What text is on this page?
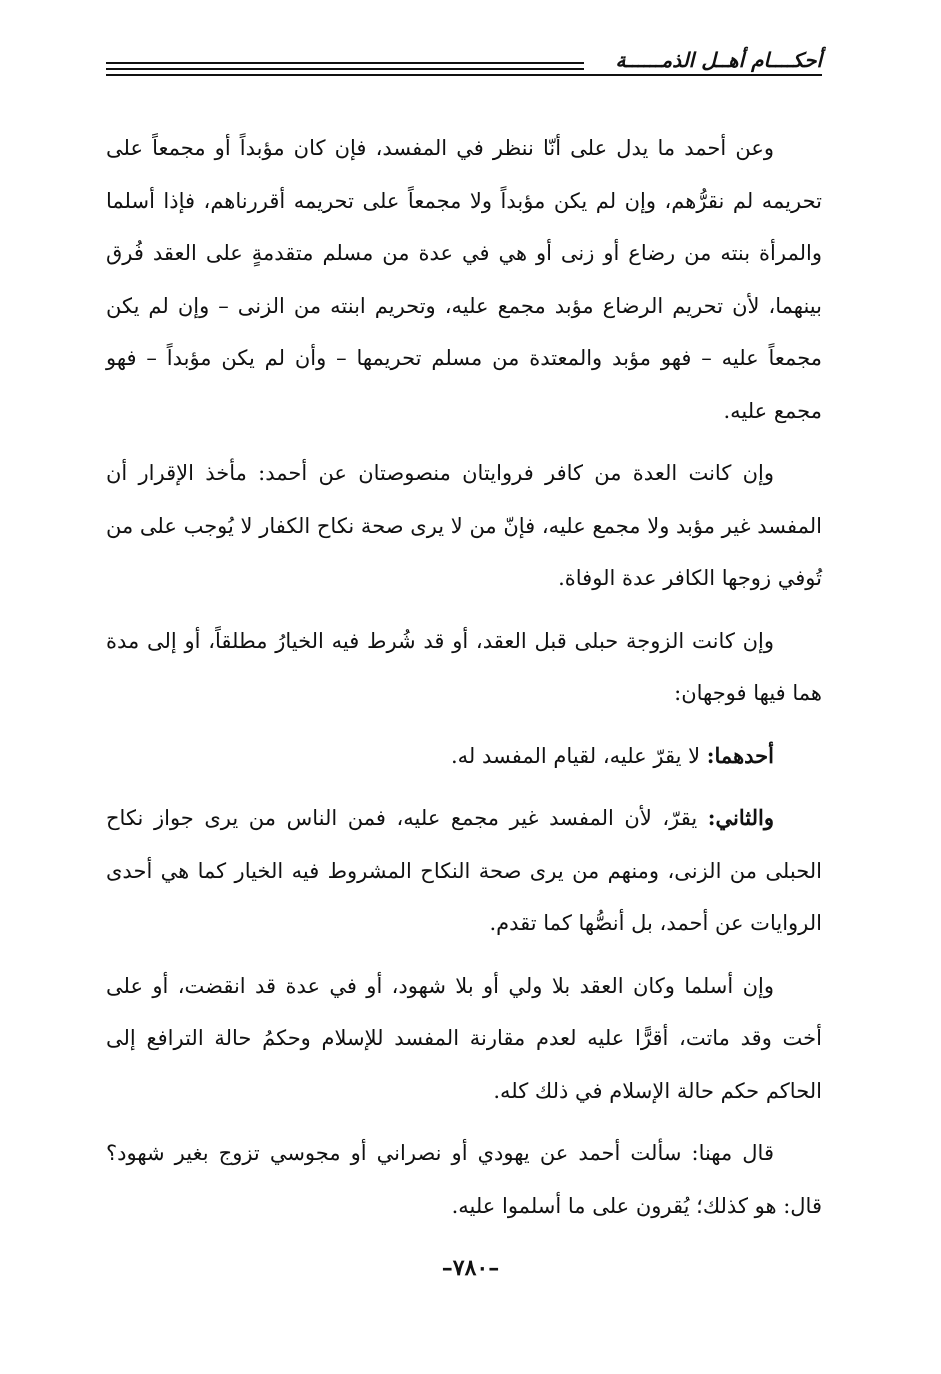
أحكــــام أهــل الذمــــــة

وعن أحمد ما يدل على أنّا ننظر في المفسد، فإن كان مؤبداً أو مجمعاً على تحريمه لم نقرُّهم، وإن لم يكن مؤبداً ولا مجمعاً على تحريمه أقررناهم، فإذا أسلما والمرأة بنته من رضاع أو زنى أو هي في عدة من مسلم متقدمةٍ على العقد فُرق بينهما، لأن تحريم الرضاع مؤبد مجمع عليه، وتحريم ابنته من الزنى – وإن لم يكن مجمعاً عليه – فهو مؤبد والمعتدة من مسلم تحريمها – وأن لم يكن مؤبداً – فهو مجمع عليه.

وإن كانت العدة من كافر فروايتان منصوصتان عن أحمد: مأخذ الإقرار أن المفسد غير مؤبد ولا مجمع عليه، فإنّ من لا يرى صحة نكاح الكفار لا يُوجب على من تُوفي زوجها الكافر عدة الوفاة.

وإن كانت الزوجة حبلى قبل العقد، أو قد شُرط فيه الخيارُ مطلقاً، أو إلى مدة هما فيها فوجهان:

أحدهما: لا يقرّ عليه، لقيام المفسد له.

والثاني: يقرّ، لأن المفسد غير مجمع عليه، فمن الناس من يرى جواز نكاح الحبلى من الزنى، ومنهم من يرى صحة النكاح المشروط فيه الخيار كما هي أحدى الروايات عن أحمد، بل أنصُّها كما تقدم.

وإن أسلما وكان العقد بلا ولي أو بلا شهود، أو في عدة قد انقضت، أو على أخت وقد ماتت، أقرًّا عليه لعدم مقارنة المفسد للإسلام وحكمُ حالة الترافع إلى الحاكم حكم حالة الإسلام في ذلك كله.

قال مهنا: سألت أحمد عن يهودي أو نصراني أو مجوسي تزوج بغير شهود؟ قال: هو كذلك؛ يُقرون على ما أسلموا عليه.

–٧٨٠–
